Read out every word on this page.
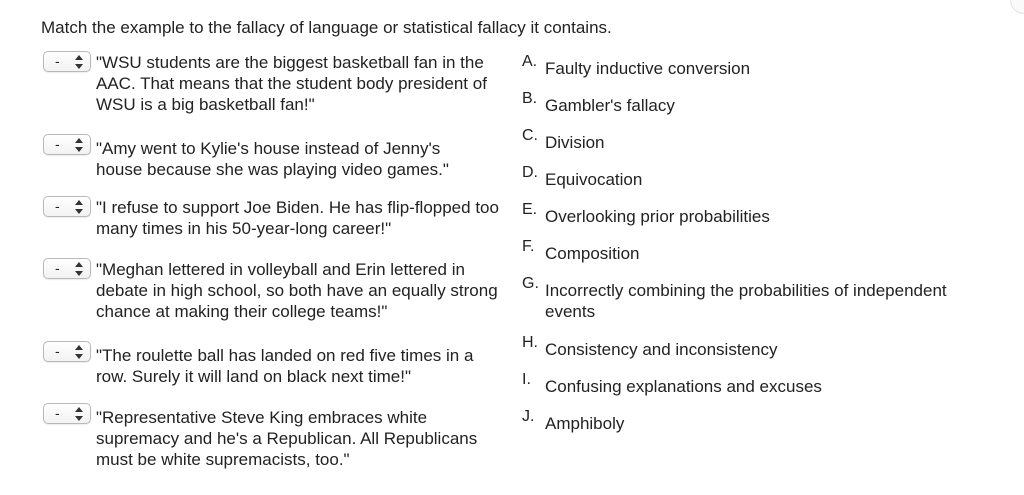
Match the example to the fallacy of language or statistical fallacy it contains.
- "WSU students are the biggest basketball fan in the AAC. That means that the student body president of WSU is a big basketball fan!"
- "Amy went to Kylie's house instead of Jenny's house because she was playing video games."
- "I refuse to support Joe Biden. He has flip-flopped too many times in his 50-year-long career!"
- "Meghan lettered in volleyball and Erin lettered in debate in high school, so both have an equally strong chance at making their college teams!"
- "The roulette ball has landed on red five times in a row. Surely it will land on black next time!"
- "Representative Steve King embraces white supremacy and he's a Republican. All Republicans must be white supremacists, too."
A. Faulty inductive conversion
B. Gambler's fallacy
C. Division
D. Equivocation
E. Overlooking prior probabilities
F. Composition
G. Incorrectly combining the probabilities of independent events
H. Consistency and inconsistency
I. Confusing explanations and excuses
J. Amphiboly
